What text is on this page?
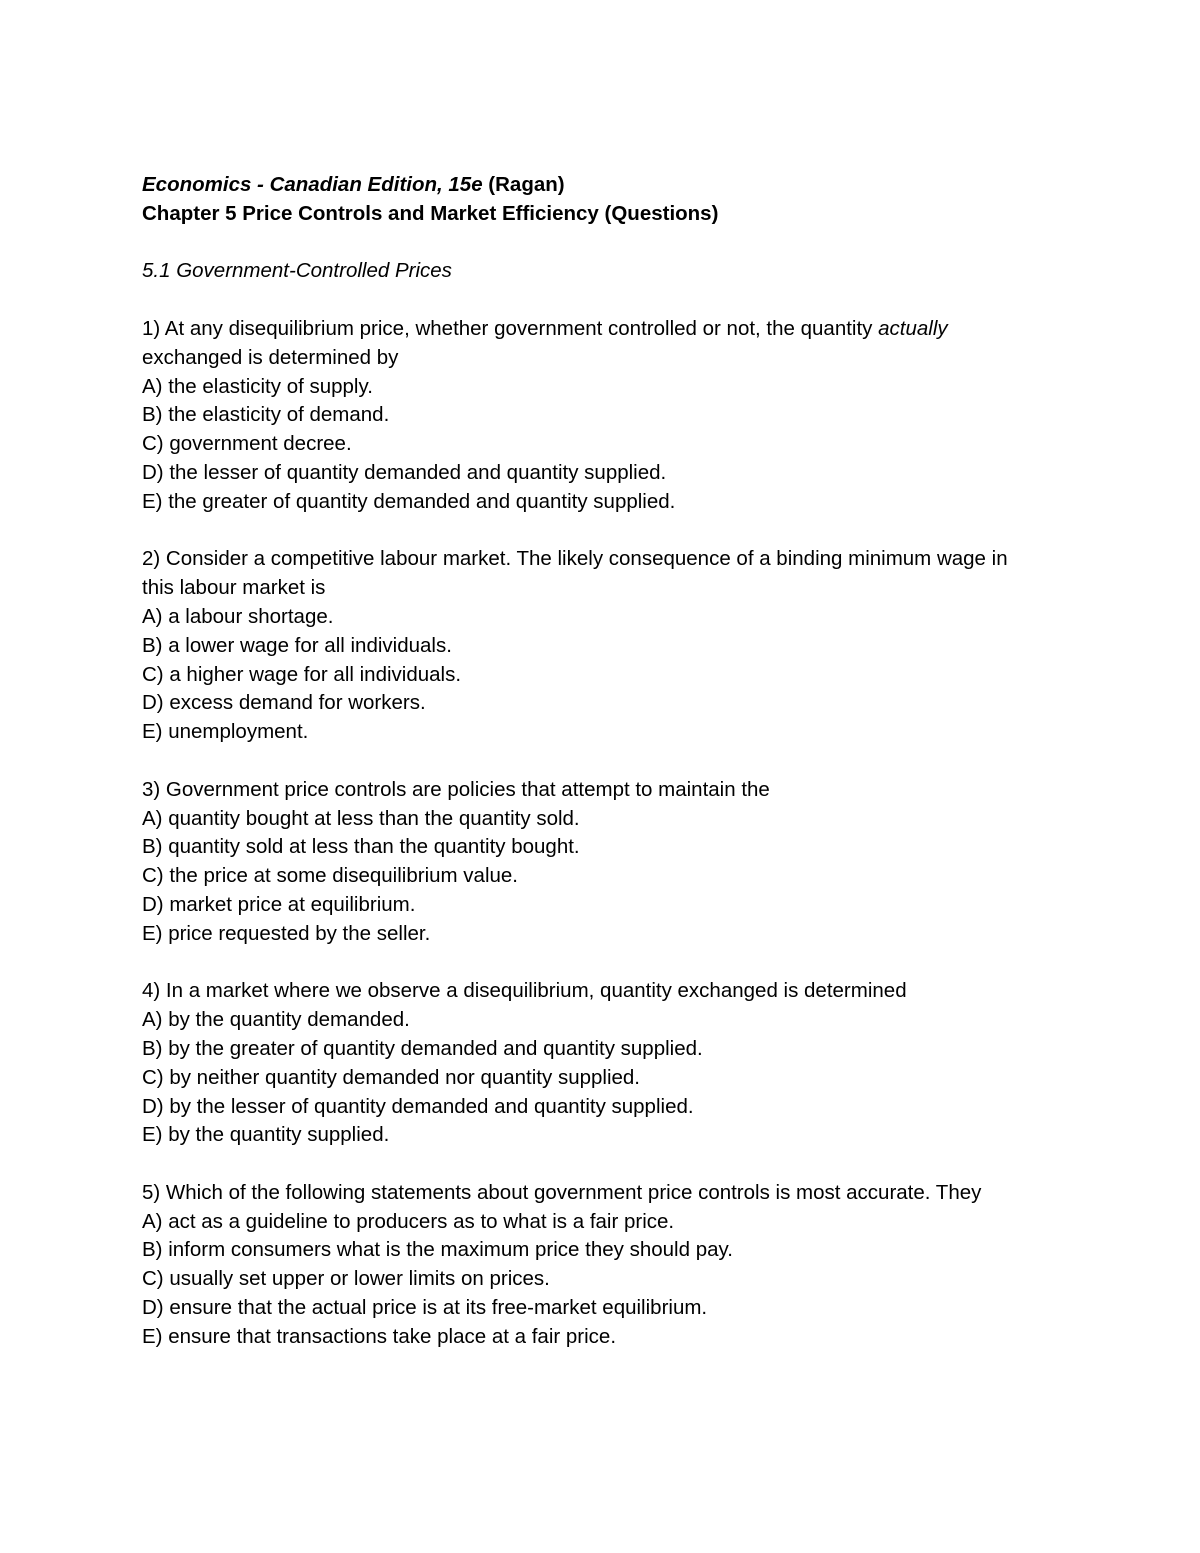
Economics - Canadian Edition, 15e (Ragan)
Chapter 5 Price Controls and Market Efficiency (Questions)
5.1 Government-Controlled Prices
1) At any disequilibrium price, whether government controlled or not, the quantity actually
exchanged is determined by
A) the elasticity of supply.
B) the elasticity of demand.
C) government decree.
D) the lesser of quantity demanded and quantity supplied.
E) the greater of quantity demanded and quantity supplied.
2) Consider a competitive labour market. The likely consequence of a binding minimum wage in
this labour market is
A) a labour shortage.
B) a lower wage for all individuals.
C) a higher wage for all individuals.
D) excess demand for workers.
E) unemployment.
3) Government price controls are policies that attempt to maintain the
A) quantity bought at less than the quantity sold.
B) quantity sold at less than the quantity bought.
C) the price at some disequilibrium value.
D) market price at equilibrium.
E) price requested by the seller.
4) In a market where we observe a disequilibrium, quantity exchanged is determined
A) by the quantity demanded.
B) by the greater of quantity demanded and quantity supplied.
C) by neither quantity demanded nor quantity supplied.
D) by the lesser of quantity demanded and quantity supplied.
E) by the quantity supplied.
5) Which of the following statements about government price controls is most accurate. They
A) act as a guideline to producers as to what is a fair price.
B) inform consumers what is the maximum price they should pay.
C) usually set upper or lower limits on prices.
D) ensure that the actual price is at its free-market equilibrium.
E) ensure that transactions take place at a fair price.
